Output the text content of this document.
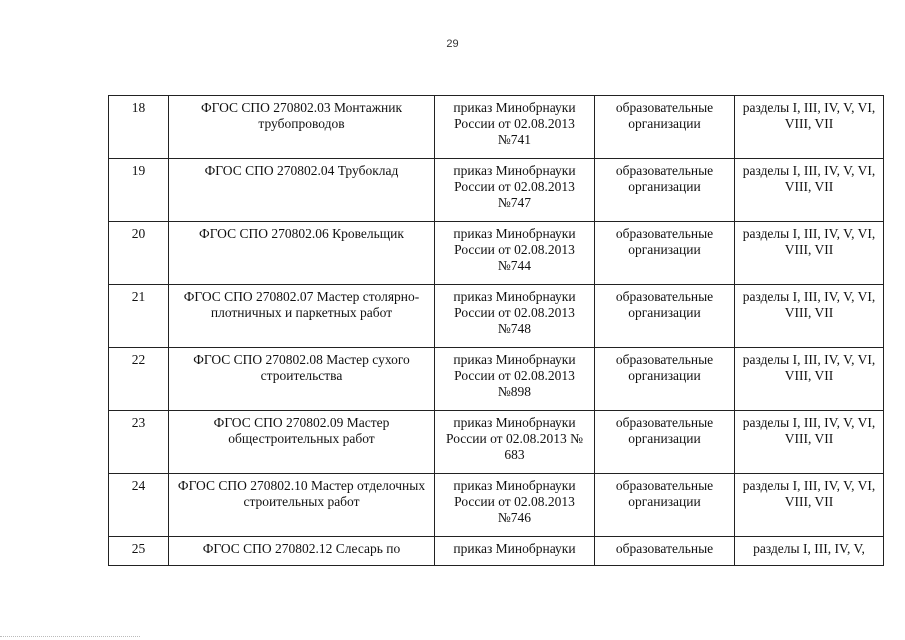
29
18	ФГОС СПО 270802.03 Монтажник трубопроводов	приказ Минобрнауки России от 02.08.2013 №741	образовательные организации	разделы I, III, IV, V, VI, VIII, VII
19	ФГОС СПО 270802.04 Трубоклад	приказ Минобрнауки России от 02.08.2013 №747	образовательные организации	разделы I, III, IV, V, VI, VIII, VII
20	ФГОС СПО 270802.06 Кровельщик	приказ Минобрнауки России от 02.08.2013 №744	образовательные организации	разделы I, III, IV, V, VI, VIII, VII
21	ФГОС СПО 270802.07 Мастер столярно-плотничных и паркетных работ	приказ Минобрнауки России от 02.08.2013 №748	образовательные организации	разделы I, III, IV, V, VI, VIII, VII
22	ФГОС СПО 270802.08 Мастер сухого строительства	приказ Минобрнауки России от 02.08.2013 №898	образовательные организации	разделы I, III, IV, V, VI, VIII, VII
23	ФГОС СПО 270802.09 Мастер общестроительных работ	приказ Минобрнауки России от 02.08.2013 № 683	образовательные организации	разделы I, III, IV, V, VI, VIII, VII
24	ФГОС СПО 270802.10 Мастер отделочных строительных работ	приказ Минобрнауки России от 02.08.2013 №746	образовательные организации	разделы I, III, IV, V, VI, VIII, VII
25	ФГОС СПО 270802.12 Слесарь по	приказ Минобрнауки	образовательные	разделы I, III, IV, V,
